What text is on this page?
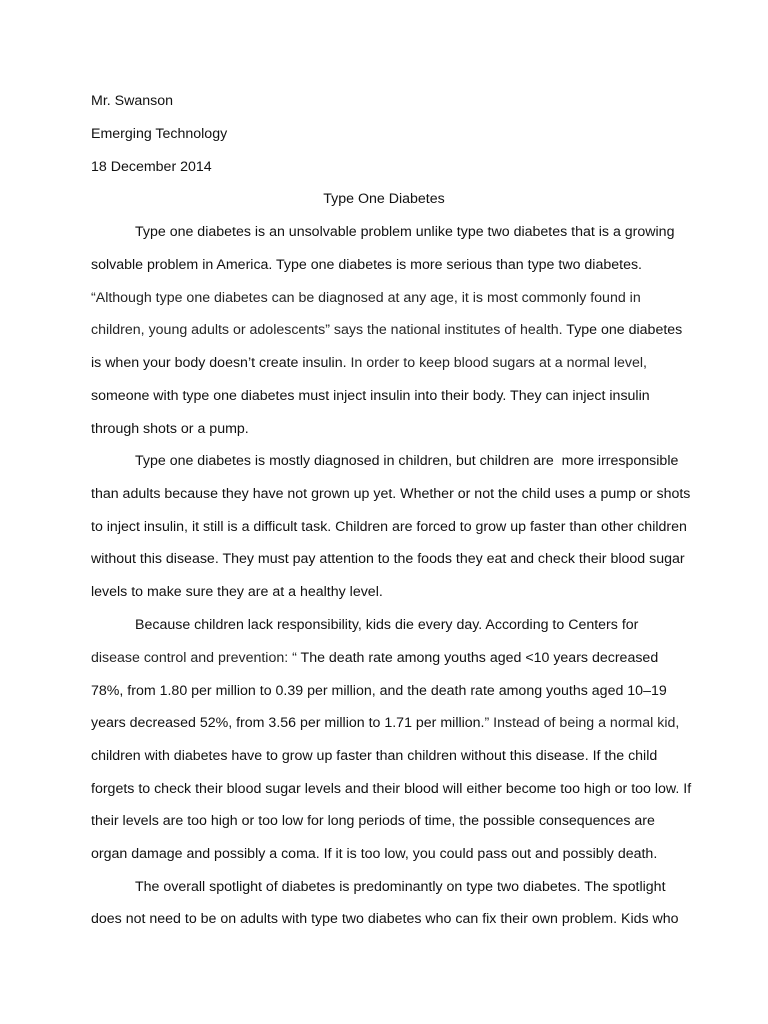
Mr. Swanson

Emerging Technology

18 December 2014

Type One Diabetes

Type one diabetes is an unsolvable problem unlike type two diabetes that is a growing

solvable problem in America. Type one diabetes is more serious than type two diabetes.

“Although type one diabetes can be diagnosed at any age, it is most commonly found in

children, young adults or adolescents” says the national institutes of health. Type one diabetes

is when your body doesn’t create insulin. In order to keep blood sugars at a normal level,

someone with type one diabetes must inject insulin into their body. They can inject insulin

through shots or a pump.

Type one diabetes is mostly diagnosed in children, but children are  more irresponsible

than adults because they have not grown up yet. Whether or not the child uses a pump or shots

to inject insulin, it still is a difficult task. Children are forced to grow up faster than other children

without this disease. They must pay attention to the foods they eat and check their blood sugar

levels to make sure they are at a healthy level.

Because children lack responsibility, kids die every day. According to Centers for

disease control and prevention: “ The death rate among youths aged <10 years decreased

78%, from 1.80 per million to 0.39 per million, and the death rate among youths aged 10–19

years decreased 52%, from 3.56 per million to 1.71 per million.” Instead of being a normal kid,

children with diabetes have to grow up faster than children without this disease. If the child

forgets to check their blood sugar levels and their blood will either become too high or too low. If

their levels are too high or too low for long periods of time, the possible consequences are

organ damage and possibly a coma. If it is too low, you could pass out and possibly death.

The overall spotlight of diabetes is predominantly on type two diabetes. The spotlight

does not need to be on adults with type two diabetes who can fix their own problem. Kids who
